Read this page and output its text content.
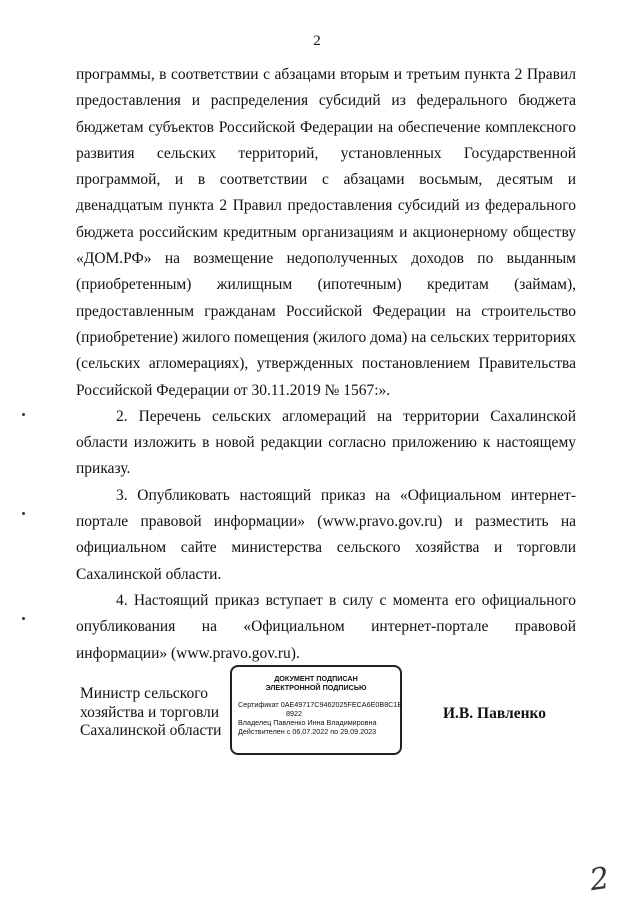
2

программы, в соответствии с абзацами вторым и третьим пункта 2 Правил предоставления и распределения субсидий из федерального бюджета бюджетам субъектов Российской Федерации на обеспечение комплексного развития сельских территорий, установленных Государственной программой, и в соответствии с абзацами восьмым, десятым и двенадцатым пункта 2 Правил предоставления субсидий из федерального бюджета российским кредитным организациям и акционерному обществу «ДОМ.РФ» на возмещение недополученных доходов по выданным (приобретенным) жилищным (ипотечным) кредитам (займам), предоставленным гражданам Российской Федерации на строительство (приобретение) жилого помещения (жилого дома) на сельских территориях (сельских агломерациях), утвержденных постановлением Правительства Российской Федерации от 30.11.2019 № 1567:».

2. Перечень сельских агломераций на территории Сахалинской области изложить в новой редакции согласно приложению к настоящему приказу.

3. Опубликовать настоящий приказ на «Официальном интернет-портале правовой информации» (www.pravo.gov.ru) и разместить на официальном сайте министерства сельского хозяйства и торговли Сахалинской области.

4. Настоящий приказ вступает в силу с момента его официального опубликования на «Официальном интернет-портале правовой информации» (www.pravo.gov.ru).

Министр сельского
хозяйства и торговли
Сахалинской области
ДОКУМЕНТ ПОДПИСАН
ЭЛЕКТРОННОЙ ПОДПИСЬЮ
Сертификат 0AE49717C9462025FECA6E0B8C1B
8922
Владелец Павленко Инна Владимировна
Действителен с 06.07.2022 по 29.09.2023
И.В. Павленко
2
